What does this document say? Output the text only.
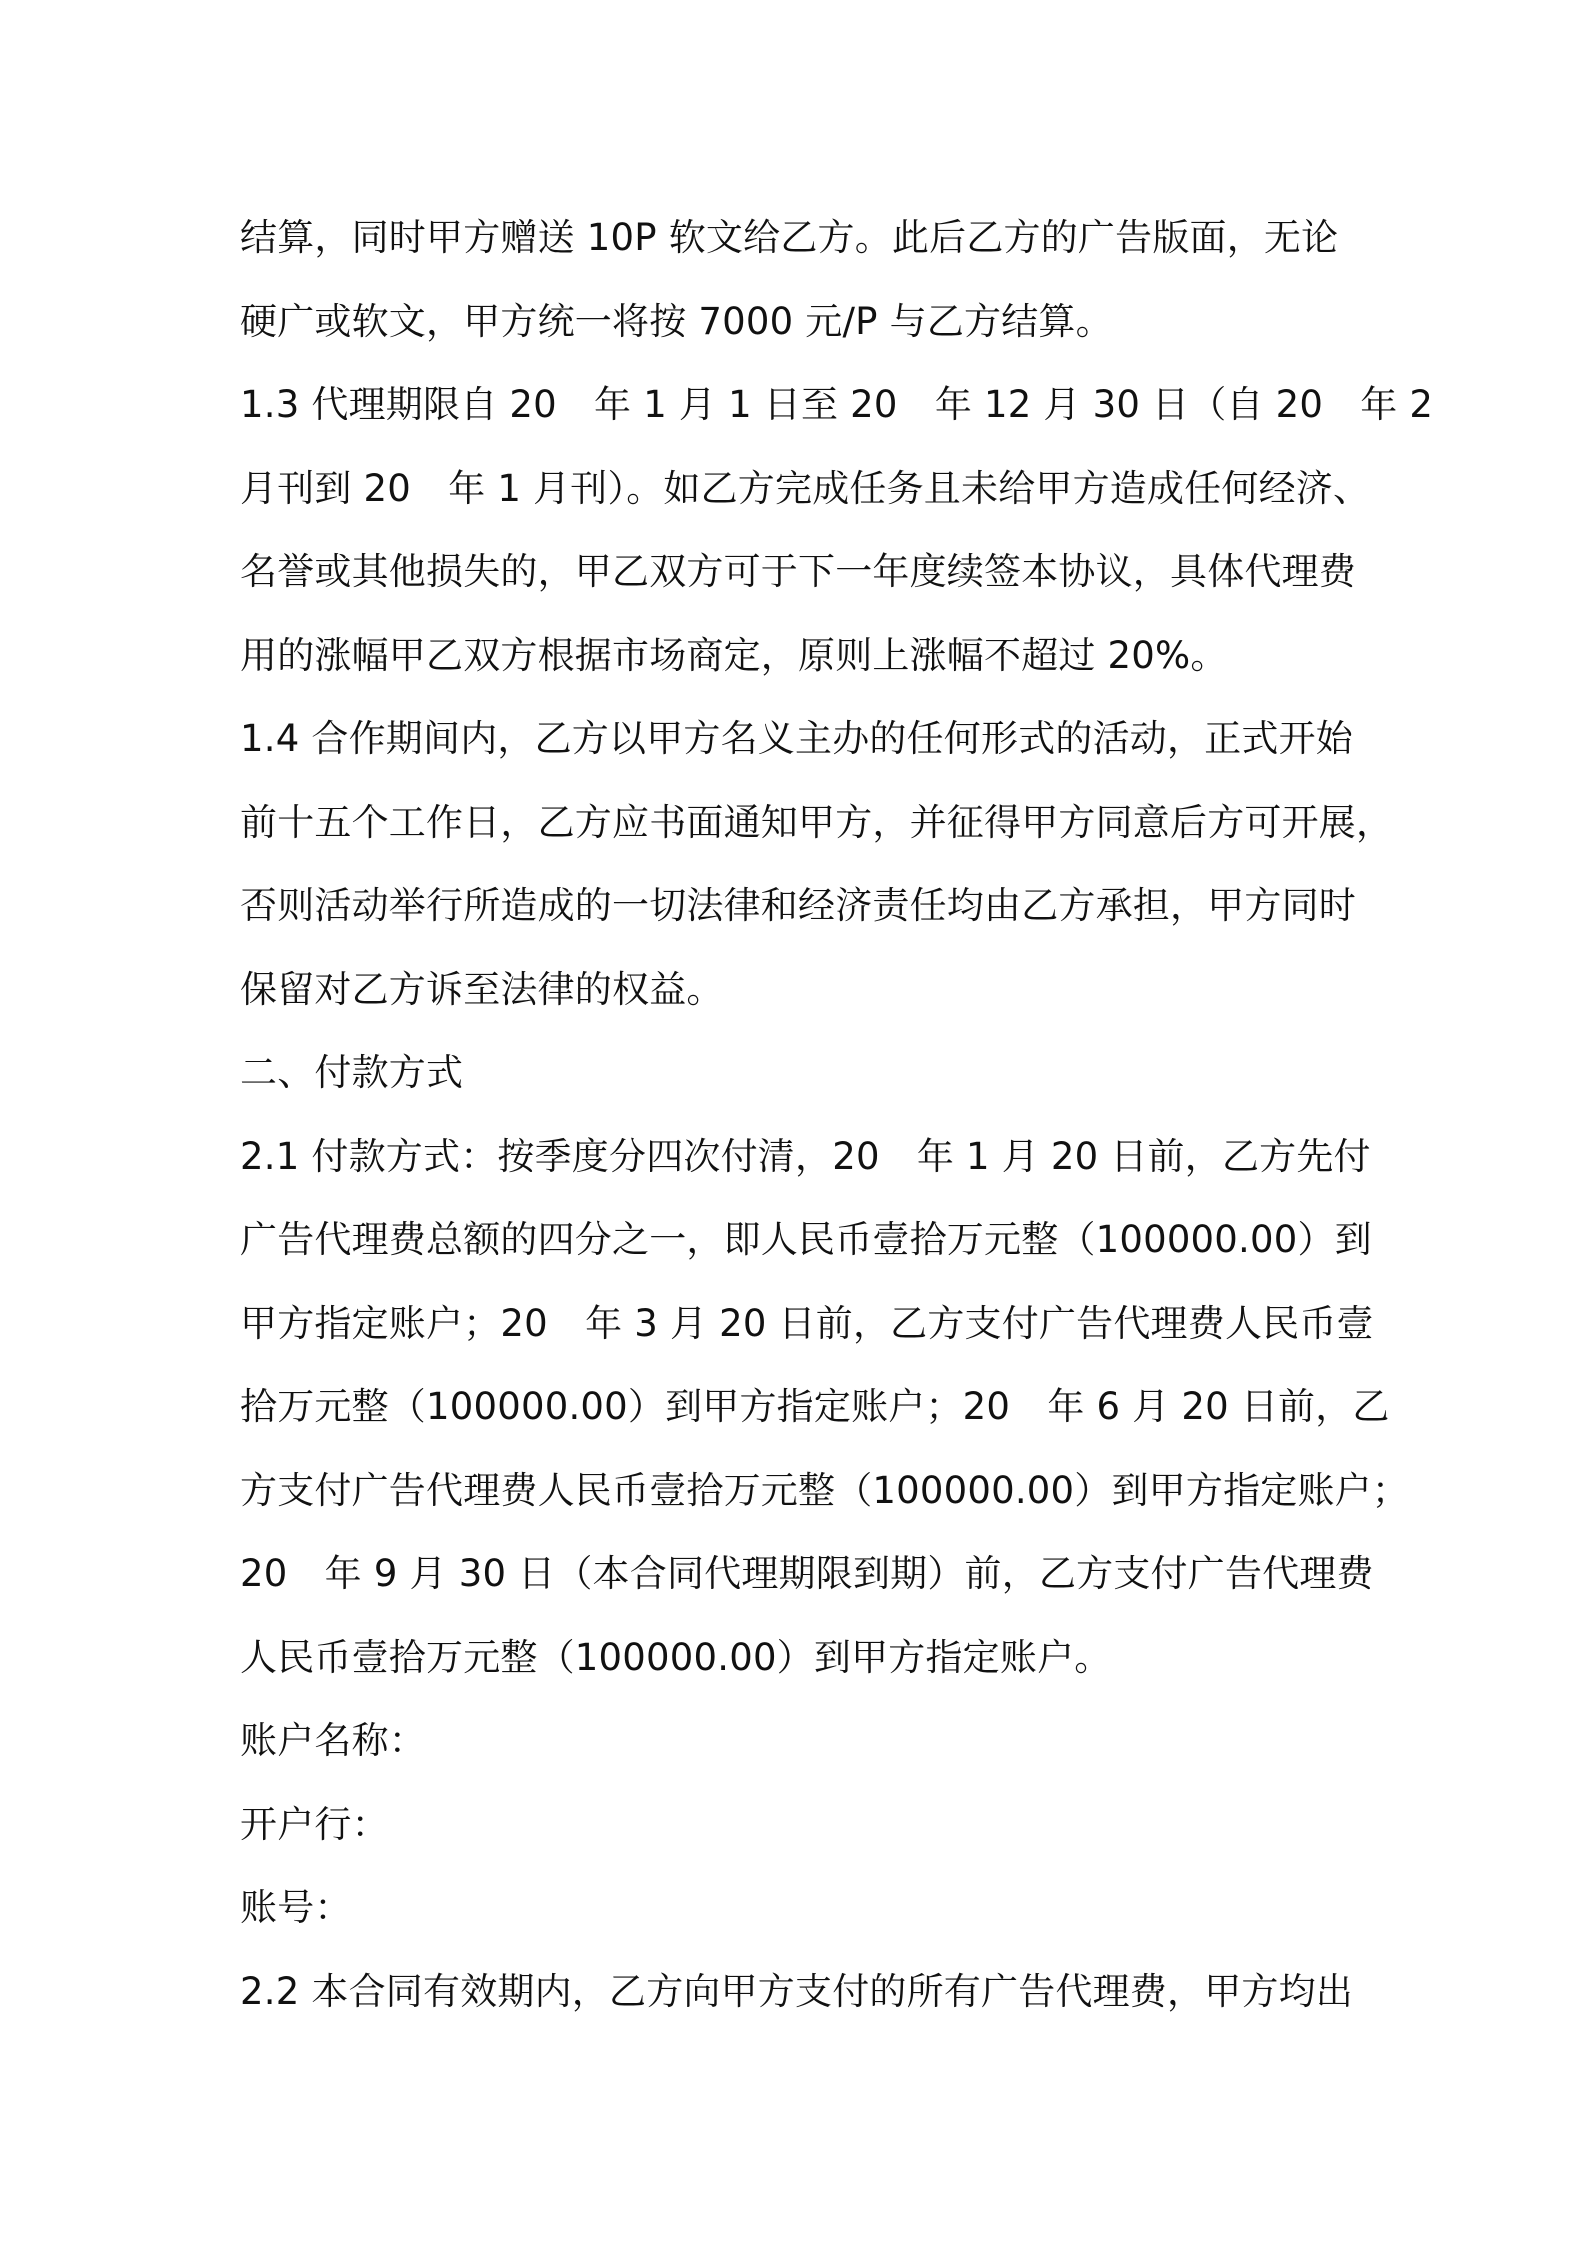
结算，同时甲方赠送 10P 软文给乙方。此后乙方的广告版面，无论
硬广或软文，甲方统一将按 7000 元/P 与乙方结算。
1.3 代理期限自 20　年 1 月 1 日至 20　年 12 月 30 日（自 20　年 2
月刊到 20　年 1 月刊）。如乙方完成任务且未给甲方造成任何经济、
名誉或其他损失的，甲乙双方可于下一年度续签本协议，具体代理费
用的涨幅甲乙双方根据市场商定，原则上涨幅不超过 20%。
1.4 合作期间内，乙方以甲方名义主办的任何形式的活动，正式开始
前十五个工作日，乙方应书面通知甲方，并征得甲方同意后方可开展，
否则活动举行所造成的一切法律和经济责任均由乙方承担，甲方同时
保留对乙方诉至法律的权益。
二、付款方式
2.1 付款方式：按季度分四次付清，20　年 1 月 20 日前，乙方先付
广告代理费总额的四分之一，即人民币壹拾万元整（100000.00）到
甲方指定账户；20　年 3 月 20 日前，乙方支付广告代理费人民币壹
拾万元整（100000.00）到甲方指定账户；20　年 6 月 20 日前，乙
方支付广告代理费人民币壹拾万元整（100000.00）到甲方指定账户；
20　年 9 月 30 日（本合同代理期限到期）前，乙方支付广告代理费
人民币壹拾万元整（100000.00）到甲方指定账户。
账户名称：
开户行：
账号：
2.2 本合同有效期内，乙方向甲方支付的所有广告代理费，甲方均出
